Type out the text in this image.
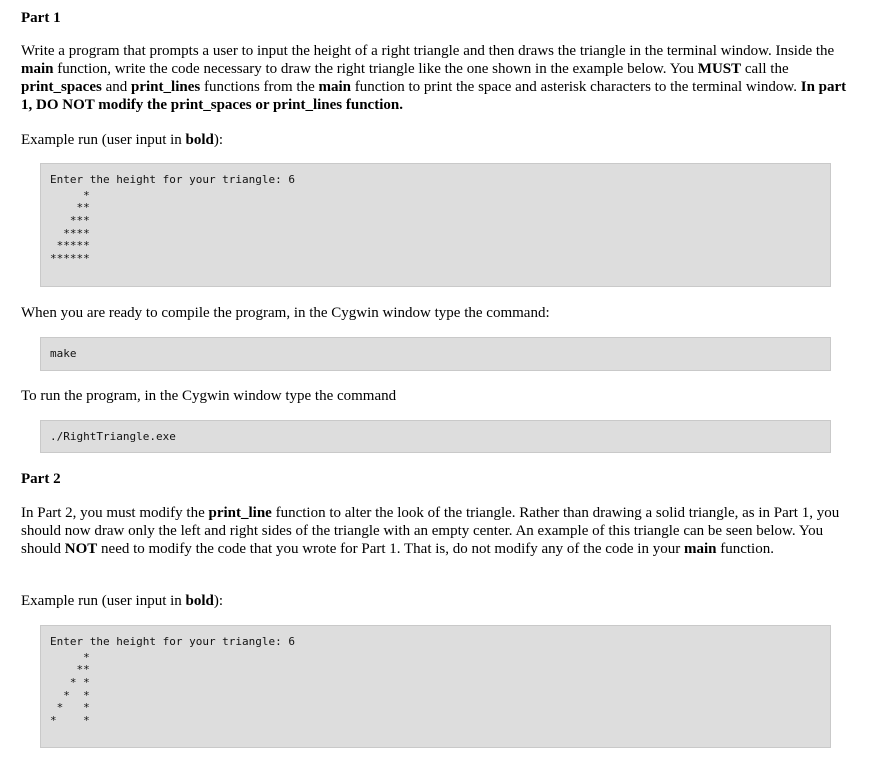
Part 1
Write a program that prompts a user to input the height of a right triangle and then draws the triangle in the terminal window. Inside the main function, write the code necessary to draw the right triangle like the one shown in the example below. You MUST call the print_spaces and print_lines functions from the main function to print the space and asterisk characters to the terminal window. In part 1, DO NOT modify the print_spaces or print_lines function.
Example run (user input in bold):
Enter the height for your triangle: 6
*
**
***
****
*****
******
When you are ready to compile the program, in the Cygwin window type the command:
make
To run the program, in the Cygwin window type the command
./RightTriangle.exe
Part 2
In Part 2, you must modify the print_line function to alter the look of the triangle. Rather than drawing a solid triangle, as in Part 1, you should now draw only the left and right sides of the triangle with an empty center. An example of this triangle can be seen below. You should NOT need to modify the code that you wrote for Part 1. That is, do not modify any of the code in your main function.
Example run (user input in bold):
Enter the height for your triangle: 6
*
**
* *
*  *
*   *
*    *
